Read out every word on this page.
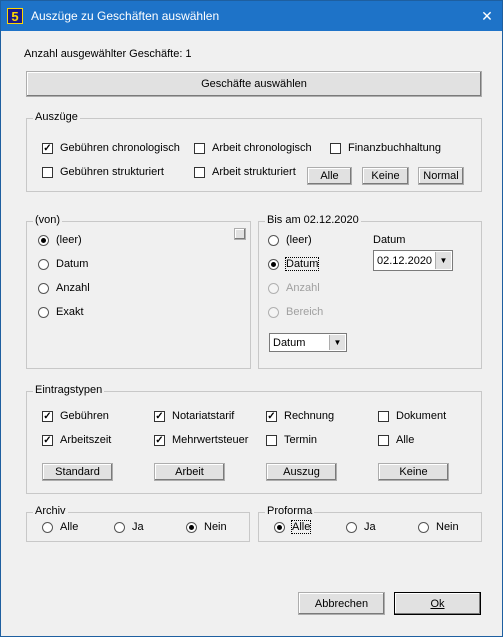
5	Auszüge zu Geschäften auswählen	✕
Anzahl ausgewählter Geschäfte: 1
Geschäfte auswählen
Auszüge
✓ Gebühren chronologisch	Arbeit chronologisch	Finanzbuchhaltung
Gebühren strukturiert	Arbeit strukturiert	Alle	Keine	Normal
(von)
(leer)
Datum
Anzahl
Exakt
Bis am 02.12.2020
(leer)
Datum
Anzahl
Bereich
Datum
02.12.2020 ▼
Datum	▼
Eintragstypen
✓ Gebühren	✓ Notariatstarif	✓ Rechnung	Dokument
✓ Arbeitszeit	✓ Mehrwertsteuer	Termin	Alle
Standard	Arbeit	Auszug	Keine
Archiv
Alle	Ja	Nein
Proforma
Alle	Ja	Nein
Abbrechen	Ok
